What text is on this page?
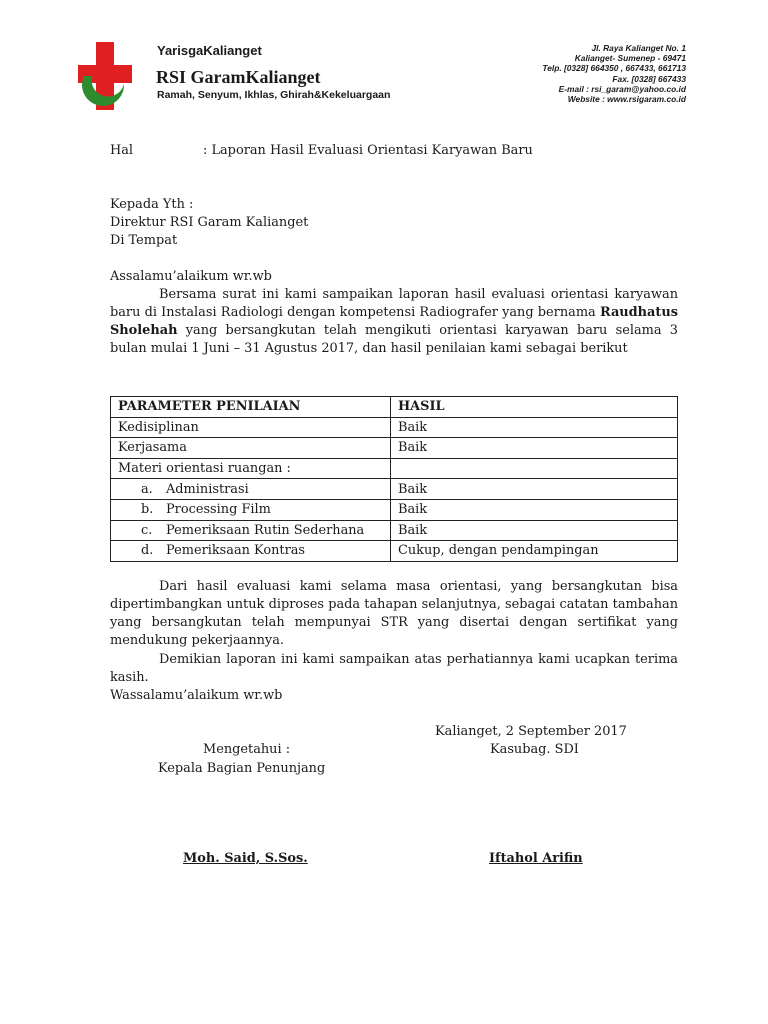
YarisgaKalianget
RSI GaramKalianget
Ramah, Senyum, Ikhlas, Ghirah&Kekeluargaan
Jl. Raya Kalianget No. 1
Kalianget- Sumenep - 69471
Telp. [0328] 664350 , 667433, 661713
Fax. [0328] 667433
E-mail : rsi_garam@yahoo.co.id
Website : www.rsigaram.co.id
Hal	: Laporan Hasil Evaluasi Orientasi Karyawan Baru
Kepada Yth :
Direktur RSI Garam Kalianget
Di Tempat
Assalamu’alaikum wr.wb
Bersama surat ini kami sampaikan laporan hasil evaluasi orientasi karyawan baru di Instalasi Radiologi dengan kompetensi Radiografer yang bernama Raudhatus Sholehah yang bersangkutan telah mengikuti orientasi karyawan baru selama 3 bulan mulai 1 Juni – 31 Agustus 2017, dan hasil penilaian kami sebagai berikut
PARAMETER PENILAIAN	HASIL
Kedisiplinan	Baik
Kerjasama	Baik
Materi orientasi ruangan :	
a. Administrasi	Baik
b. Processing Film	Baik
c. Pemeriksaan Rutin Sederhana	Baik
d. Pemeriksaan Kontras	Cukup, dengan pendampingan
Dari hasil evaluasi kami selama masa orientasi, yang bersangkutan bisa dipertimbangkan untuk diproses pada tahapan selanjutnya, sebagai catatan tambahan yang bersangkutan telah mempunyai STR yang disertai dengan sertifikat yang mendukung pekerjaannya.
Demikian laporan ini kami sampaikan atas perhatiannya kami ucapkan terima kasih.
Wassalamu’alaikum wr.wb
Kalianget, 2 September 2017
Kasubag. SDI
Mengetahui :
Kepala Bagian Penunjang
Moh. Said, S.Sos.	Iftahol Arifin
